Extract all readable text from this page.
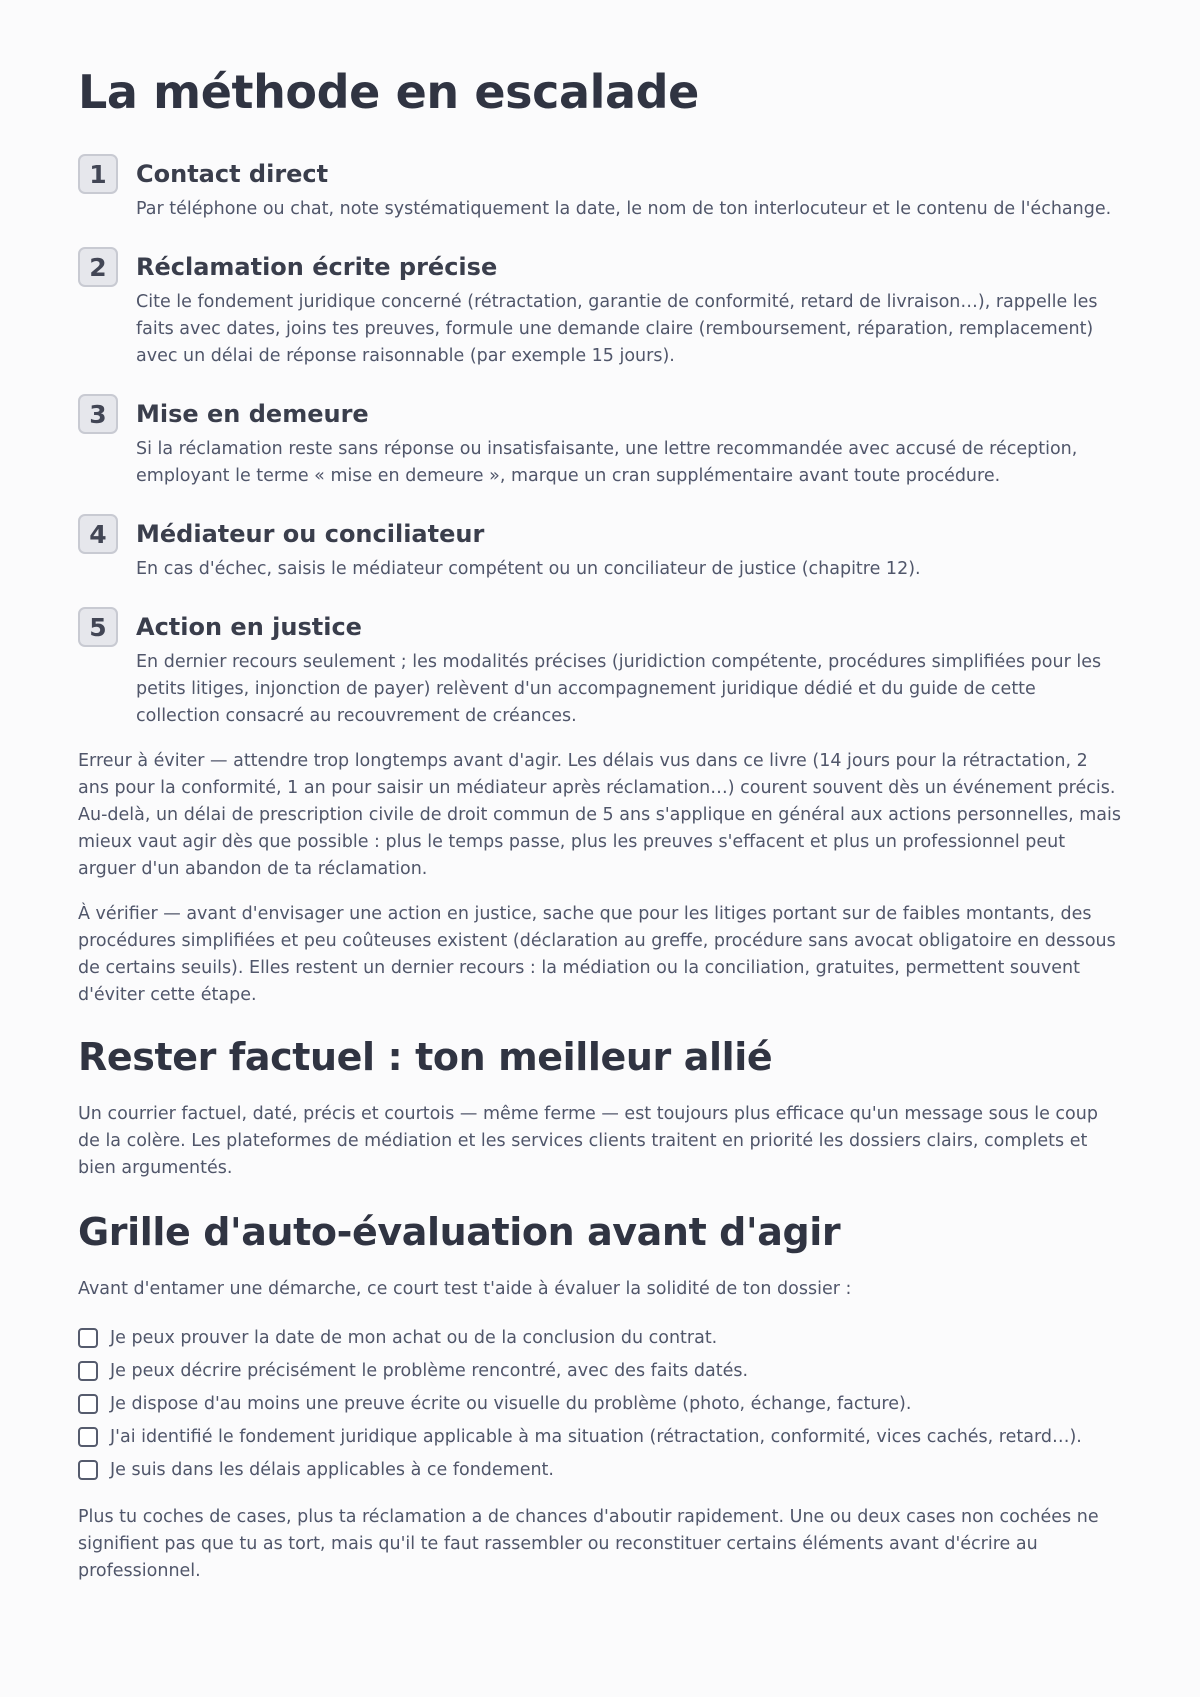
La méthode en escalade
1	Contact direct
Par téléphone ou chat, note systématiquement la date, le nom de ton interlocuteur et le contenu de l'échange.
2	Réclamation écrite précise
Cite le fondement juridique concerné (rétractation, garantie de conformité, retard de livraison…), rappelle les faits avec dates, joins tes preuves, formule une demande claire (remboursement, réparation, remplacement) avec un délai de réponse raisonnable (par exemple 15 jours).
3	Mise en demeure
Si la réclamation reste sans réponse ou insatisfaisante, une lettre recommandée avec accusé de réception, employant le terme « mise en demeure », marque un cran supplémentaire avant toute procédure.
4	Médiateur ou conciliateur
En cas d'échec, saisis le médiateur compétent ou un conciliateur de justice (chapitre 12).
5	Action en justice
En dernier recours seulement ; les modalités précises (juridiction compétente, procédures simplifiées pour les petits litiges, injonction de payer) relèvent d'un accompagnement juridique dédié et du guide de cette collection consacré au recouvrement de créances.

Erreur à éviter — attendre trop longtemps avant d'agir. Les délais vus dans ce livre (14 jours pour la rétractation, 2 ans pour la conformité, 1 an pour saisir un médiateur après réclamation…) courent souvent dès un événement précis. Au-delà, un délai de prescription civile de droit commun de 5 ans s'applique en général aux actions personnelles, mais mieux vaut agir dès que possible : plus le temps passe, plus les preuves s'effacent et plus un professionnel peut arguer d'un abandon de ta réclamation.

À vérifier — avant d'envisager une action en justice, sache que pour les litiges portant sur de faibles montants, des procédures simplifiées et peu coûteuses existent (déclaration au greffe, procédure sans avocat obligatoire en dessous de certains seuils). Elles restent un dernier recours : la médiation ou la conciliation, gratuites, permettent souvent d'éviter cette étape.

Rester factuel : ton meilleur allié

Un courrier factuel, daté, précis et courtois — même ferme — est toujours plus efficace qu'un message sous le coup de la colère. Les plateformes de médiation et les services clients traitent en priorité les dossiers clairs, complets et bien argumentés.

Grille d'auto-évaluation avant d'agir

Avant d'entamer une démarche, ce court test t'aide à évaluer la solidité de ton dossier :

Je peux prouver la date de mon achat ou de la conclusion du contrat.
Je peux décrire précisément le problème rencontré, avec des faits datés.
Je dispose d'au moins une preuve écrite ou visuelle du problème (photo, échange, facture).
J'ai identifié le fondement juridique applicable à ma situation (rétractation, conformité, vices cachés, retard…).
Je suis dans les délais applicables à ce fondement.

Plus tu coches de cases, plus ta réclamation a de chances d'aboutir rapidement. Une ou deux cases non cochées ne signifient pas que tu as tort, mais qu'il te faut rassembler ou reconstituer certains éléments avant d'écrire au professionnel.
